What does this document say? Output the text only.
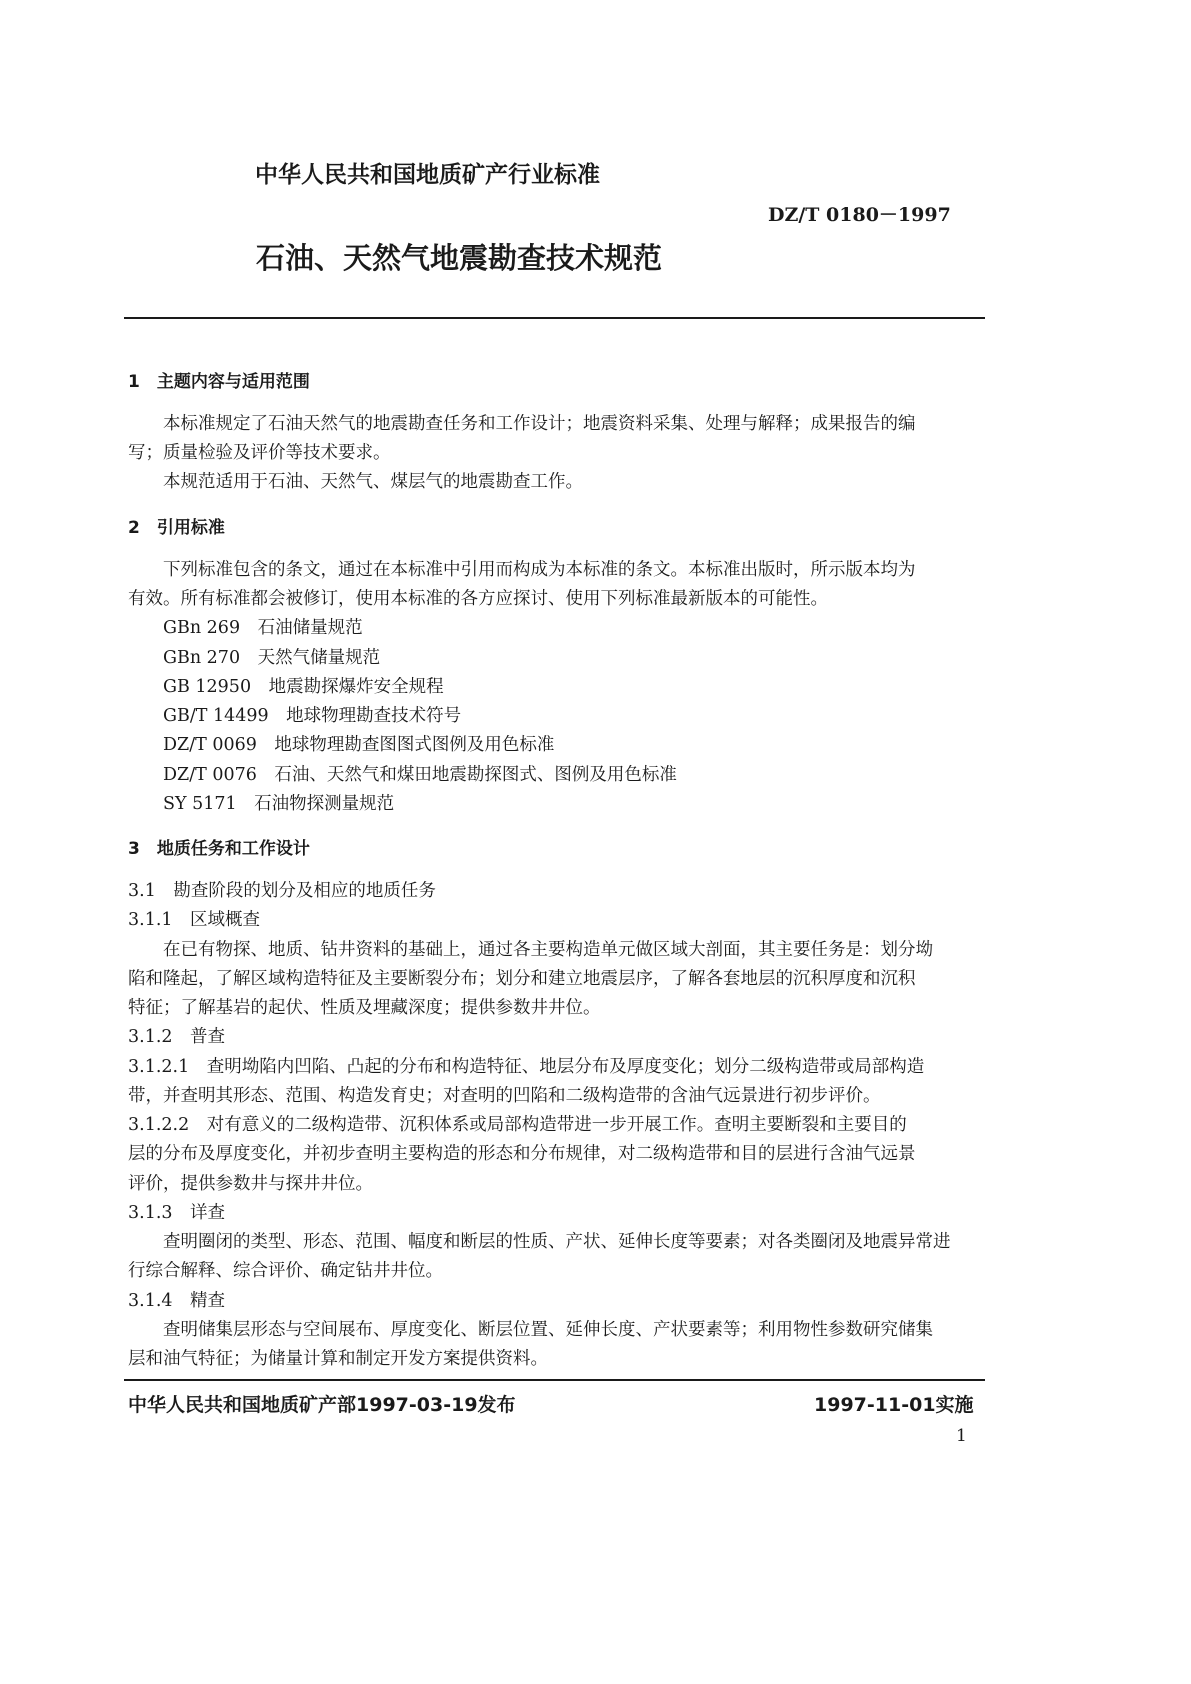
中华人民共和国地质矿产行业标准
DZ/T 0180－1997
石油、天然气地震勘查技术规范
1　主题内容与适用范围
本标准规定了石油天然气的地震勘查任务和工作设计；地震资料采集、处理与解释；成果报告的编
写；质量检验及评价等技术要求。
本规范适用于石油、天然气、煤层气的地震勘查工作。
2　引用标准
下列标准包含的条文，通过在本标准中引用而构成为本标准的条文。本标准出版时，所示版本均为
有效。所有标准都会被修订，使用本标准的各方应探讨、使用下列标准最新版本的可能性。
GBn 269　石油储量规范
GBn 270　天然气储量规范
GB 12950　地震勘探爆炸安全规程
GB/T 14499　地球物理勘查技术符号
DZ/T 0069　地球物理勘查图图式图例及用色标准
DZ/T 0076　石油、天然气和煤田地震勘探图式、图例及用色标准
SY 5171　石油物探测量规范
3　地质任务和工作设计
3.1　勘查阶段的划分及相应的地质任务
3.1.1　区域概查
在已有物探、地质、钻井资料的基础上，通过各主要构造单元做区域大剖面，其主要任务是：划分坳
陷和隆起，了解区域构造特征及主要断裂分布；划分和建立地震层序，了解各套地层的沉积厚度和沉积
特征；了解基岩的起伏、性质及埋藏深度；提供参数井井位。
3.1.2　普查
3.1.2.1　查明坳陷内凹陷、凸起的分布和构造特征、地层分布及厚度变化；划分二级构造带或局部构造
带，并查明其形态、范围、构造发育史；对查明的凹陷和二级构造带的含油气远景进行初步评价。
3.1.2.2　对有意义的二级构造带、沉积体系或局部构造带进一步开展工作。查明主要断裂和主要目的
层的分布及厚度变化，并初步查明主要构造的形态和分布规律，对二级构造带和目的层进行含油气远景
评价，提供参数井与探井井位。
3.1.3　详查
查明圈闭的类型、形态、范围、幅度和断层的性质、产状、延伸长度等要素；对各类圈闭及地震异常进
行综合解释、综合评价、确定钻井井位。
3.1.4　精查
查明储集层形态与空间展布、厚度变化、断层位置、延伸长度、产状要素等；利用物性参数研究储集
层和油气特征；为储量计算和制定开发方案提供资料。
中华人民共和国地质矿产部1997-03-19发布	1997-11-01实施
1
